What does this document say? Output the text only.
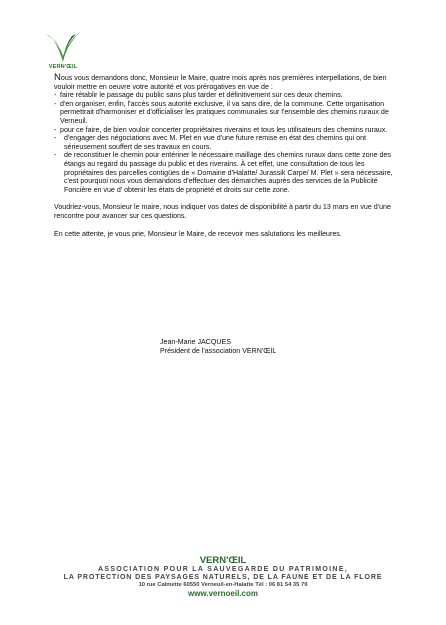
VERN'ŒIL

Nous vous demandons donc, Monsieur le Maire, quatre mois après nos premières interpellations, de bien vouloir mettre en oeuvre votre autorité et vos prérogatives en vue de :

- faire rétablir le passage du public sans plus tarder et définitivement sur ces deux chemins.
- d'en organiser, enfin, l'accès sous autorité exclusive, il va sans dire, de la commune. Cette organisation permettrait d'harmoniser et d'officialiser les pratiques communales sur l'ensemble des chemins ruraux de Verneuil.
- pour ce faire, de bien vouloir concerter propriétaires riverains et tous les utilisateurs des chemins ruraux.
-	d'engager des négociations avec M. Plet en vue d'une future remise en état des chemins qui ont sérieusement souffert de ses travaux en cours.
-	de reconstituer le chemin pour entériner le nécessaire maillage des chemins ruraux dans cette zone des étangs au regard du passage du public et des riverains. À cet effet, une consultation de tous les propriétaires des parcelles contigües de « Domaine d'Halatte/ Jurassik Carpe/ M. Plet » sera nécessaire, c'est pourquoi nous vous demandons d'effectuer des démarches auprès des services de la Publicité Foncière en vue d' obtenir les états de propriété et droits sur cette zone.

Voudriez-vous, Monsieur le maire, nous indiquer vos dates de disponibilité à partir du 13 mars en vue d'une rencontre pour avancer sur ces questions.

En cette attente, je vous prie, Monsieur le Maire, de recevoir mes salutations les meilleures.

Jean-Marie JACQUES
Président de l'association VERN'ŒIL
VERN'ŒIL
ASSOCIATION POUR LA SAUVEGARDE DU PATRIMOINE,
LA PROTECTION DES PAYSAGES NATURELS, DE LA FAUNE ET DE LA FLORE
10 rue Calmette 60550 Verneuil-en-Halatte Tél : 06 81 54 35 79
www.vernoeil.com
